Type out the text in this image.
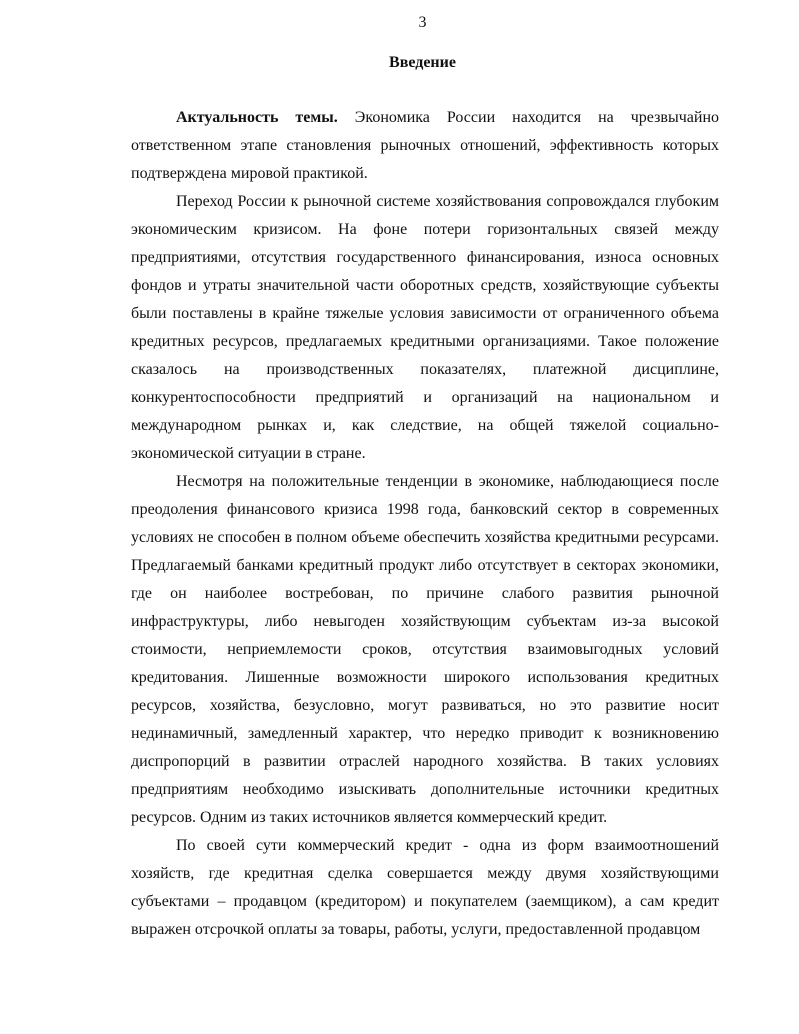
3
Введение

Актуальность темы. Экономика России находится на чрезвычайно ответственном этапе становления рыночных отношений, эффективность которых подтверждена мировой практикой.

Переход России к рыночной системе хозяйствования сопровождался глубоким экономическим кризисом. На фоне потери горизонтальных связей между предприятиями, отсутствия государственного финансирования, износа основных фондов и утраты значительной части оборотных средств, хозяйствующие субъекты были поставлены в крайне тяжелые условия зависимости от ограниченного объема кредитных ресурсов, предлагаемых кредитными организациями. Такое положение сказалось на производственных показателях, платежной дисциплине, конкурентоспособности предприятий и организаций на национальном и международном рынках и, как следствие, на общей тяжелой социально-экономической ситуации в стране.

Несмотря на положительные тенденции в экономике, наблюдающиеся после преодоления финансового кризиса 1998 года, банковский сектор в современных условиях не способен в полном объеме обеспечить хозяйства кредитными ресурсами. Предлагаемый банками кредитный продукт либо отсутствует в секторах экономики, где он наиболее востребован, по причине слабого развития рыночной инфраструктуры, либо невыгоден хозяйствующим субъектам из-за высокой стоимости, неприемлемости сроков, отсутствия взаимовыгодных условий кредитования. Лишенные возможности широкого использования кредитных ресурсов, хозяйства, безусловно, могут развиваться, но это развитие носит нединамичный, замедленный характер, что нередко приводит к возникновению диспропорций в развитии отраслей народного хозяйства. В таких условиях предприятиям необходимо изыскивать дополнительные источники кредитных ресурсов. Одним из таких источников является коммерческий кредит.

По своей сути коммерческий кредит - одна из форм взаимоотношений хозяйств, где кредитная сделка совершается между двумя хозяйствующими субъектами – продавцом (кредитором) и покупателем (заемщиком), а сам кредит выражен отсрочкой оплаты за товары, работы, услуги, предоставленной продавцом
